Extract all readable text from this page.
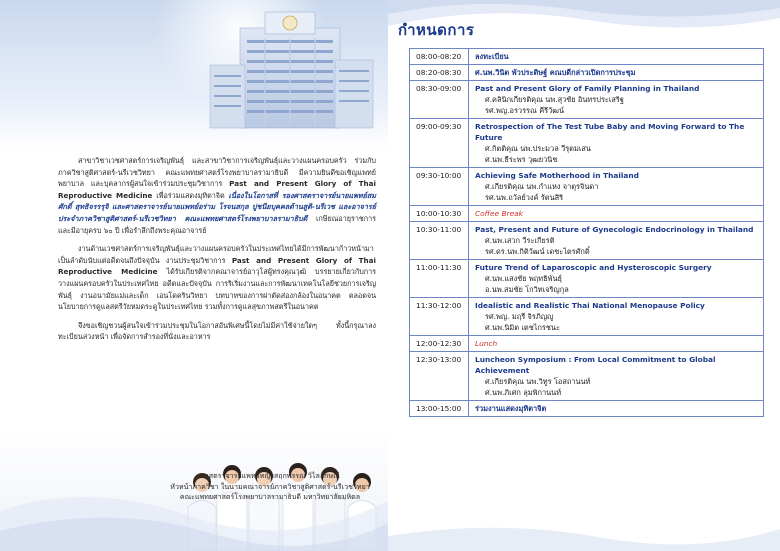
สาขาวิชาเวชศาสตร์การเจริญพันธุ์ และสาขาวิชาการเจริญพันธุ์และวางแผนครอบครัว ร่วมกับภาควิชาสูติศาสตร์-นรีเวชวิทยา คณะแพทยศาสตร์โรงพยาบาลรามาธิบดี มีความยินดีขอเชิญแพทย์ พยาบาล และบุคลากรผู้สนใจเข้าร่วมประชุมวิชาการ Past and Present Glory of Thai Reproductive Medicine เพื่อร่วมแสดงมุทิตาจิต เนื่องในโอกาสที่ รองศาสตราจารย์นายแพทย์สมศักดิ์ สุทธิจรรรุจิ และศาสตราจารย์นายแพทย์อร่าม โรจนสกุล ปูชนียบุคคลด้านสูติ-นรีเวช และอาจารย์ประจำภาควิชาสูติศาสตร์-นรีเวชวิทยา คณะแพทยศาสตร์โรงพยาบาลรามาธิบดี เกษียณอายุราชการและมีอายุครบ ๖๐ ปี เพื่อรำลึกถึงพระคุณอาจารย์

งานด้านเวชศาสตร์การเจริญพันธุ์และวางแผนครอบครัวในประเทศไทยได้มีการพัฒนาก้าวหน้ามาเป็นลำดับนับแต่อดีตจนถึงปัจจุบัน งานประชุมวิชาการ Past and Present Glory of Thai Reproductive Medicine ได้รับเกียรติจากคณาจารย์อาวุโสผู้ทรงคุณวุฒิ บรรยายเกี่ยวกับการวางแผนครอบครัวในประเทศไทย อดีตและปัจจุบัน การริเริ่มงานและการพัฒนาเทคโนโลยีช่วยการเจริญพันธุ์ งานอนามัยแม่และเด็ก เอนโดครินวิทยา บทบาทของการผ่าตัดส่องกล้องในอนาคต ตลอดจนนโยบายการดูแลสตรีวัยหมดระดูในประเทศไทย รวมทั้งการดูแลสุขภาพสตรีในอนาคต

จึงขอเชิญชวนผู้สนใจเข้าร่วมประชุมในโอกาสอันพิเศษนี้โดยไม่มีค่าใช้จ่ายใดๆ ทั้งนี้กรุณาลงทะเบียนล่วงหน้า เพื่อจัดการสำรองที่นั่งและอาหาร

ศาสตราจารย์แพทย์หญิงสฤกพรรณ วิไลลักษณ์
หัวหน้าภาควิชา ในนามคณาจารย์ภาควิชาสูติศาสตร์-นรีเวชวิทยา
คณะแพทยศาสตร์โรงพยาบาลรามาธิบดี มหาวิทยาลัยมหิดล
กำหนดการ
08:00-08:20	ลงทะเบียน

08:20-08:30	ศ.นพ.วินิต พัวประดิษฐ์ คณบดีกล่าวเปิดการประชุม

08:30-09:00	Past and Present Glory of Family Planning in Thailand
ศ.คลินิกเกียรติคุณ นพ.สุวชัย อินทรประเสริฐ
รศ.พญ.อรวรรณ คีรีวัฒน์

09:00-09:30	Retrospection of The Test Tube Baby and Moving Forward to The Future
ศ.กิตติคุณ นพ.ประมวล วีรุตมเสน
ศ.นพ.ธีระพร วุฒยวนิช

09:30-10:00	Achieving Safe Motherhood in Thailand
ศ.เกียรติคุณ นพ.กำแหง จาตุรจินดา
รศ.นพ.ถวัลย์วงค์ รัตนสิริ

10:00-10:30	Coffee Break

10:30-11:00	Past, Present and Future of Gynecologic Endocrinology in Thailand
ศ.นพ.เสวก วีระเกียรติ
รศ.ดร.นพ.กิติวัฒน์ เดชะไตรศักดิ์

11:00-11:30	Future Trend of Laparoscopic and Hysteroscopic Surgery
ศ.นพ.แสงชัย พฤทธิพันธุ์
อ.นพ.สมชัย โกวิทเจริญกุล

11:30-12:00	Idealistic and Realistic Thai National Menopause Policy
รศ.พญ. มฤรี จิรภิญญู
ศ.นพ.นิมิต เตชไกรชนะ

12:00-12:30	Lunch

12:30-13:00	Luncheon Symposium : From Local Commitment to Global Achievement
ศ.เกียรติคุณ นพ.วิทูร โอสถานนท์
ศ.นพ.ภิเศก ลุมพิกานนท์

13:00-15:00	ร่วมงานแสดงมุทิตาจิต
